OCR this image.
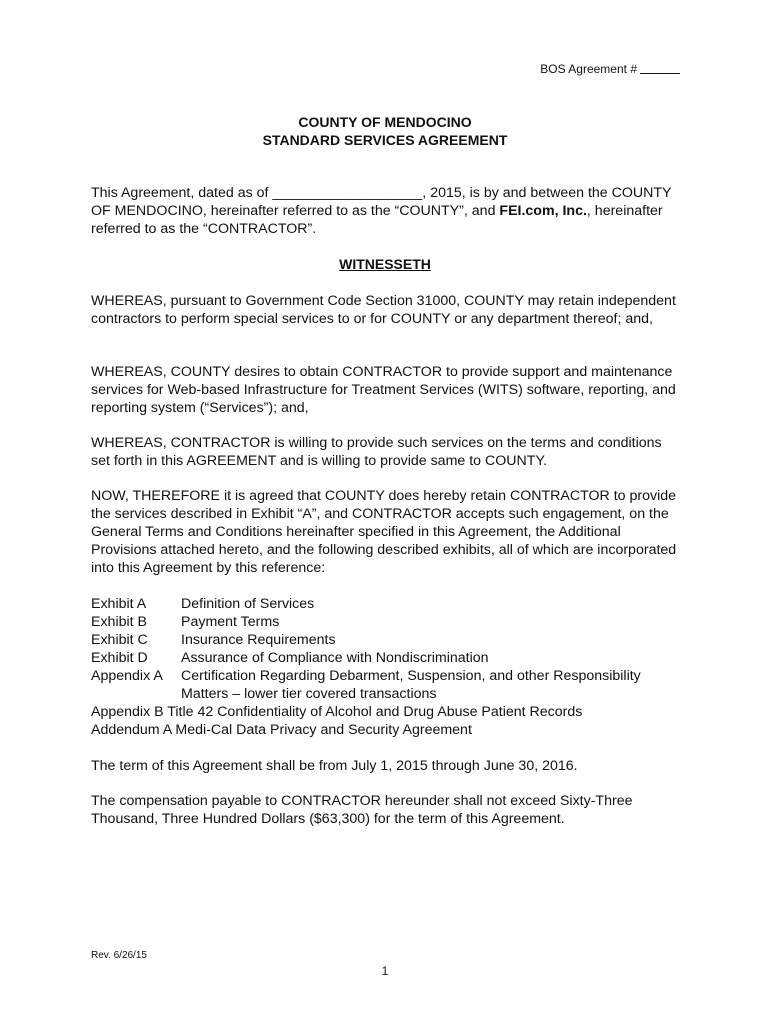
BOS Agreement #
COUNTY OF MENDOCINO
STANDARD SERVICES AGREEMENT
This Agreement, dated as of ___________________, 2015, is by and between the COUNTY OF MENDOCINO, hereinafter referred to as the “COUNTY”, and FEI.com, Inc., hereinafter referred to as the “CONTRACTOR”.
WITNESSETH
WHEREAS, pursuant to Government Code Section 31000, COUNTY may retain independent contractors to perform special services to or for COUNTY or any department thereof; and,
WHEREAS, COUNTY desires to obtain CONTRACTOR to provide support and maintenance services for Web-based Infrastructure for Treatment Services (WITS) software, reporting, and reporting system (“Services”); and,
WHEREAS, CONTRACTOR is willing to provide such services on the terms and conditions set forth in this AGREEMENT and is willing to provide same to COUNTY.
NOW, THEREFORE it is agreed that COUNTY does hereby retain CONTRACTOR to provide the services described in Exhibit “A”, and CONTRACTOR accepts such engagement, on the General Terms and Conditions hereinafter specified in this Agreement, the Additional Provisions attached hereto, and the following described exhibits, all of which are incorporated into this Agreement by this reference:
Exhibit A	Definition of Services
Exhibit B	Payment Terms
Exhibit C	Insurance Requirements
Exhibit D	Assurance of Compliance with Nondiscrimination
Appendix A	Certification Regarding Debarment, Suspension, and other Responsibility Matters – lower tier covered transactions
Appendix B Title 42 Confidentiality of Alcohol and Drug Abuse Patient Records
Addendum A Medi-Cal Data Privacy and Security Agreement
The term of this Agreement shall be from July 1, 2015 through June 30, 2016.
The compensation payable to CONTRACTOR hereunder shall not exceed Sixty-Three Thousand, Three Hundred Dollars ($63,300) for the term of this Agreement.
Rev. 6/26/15
1
